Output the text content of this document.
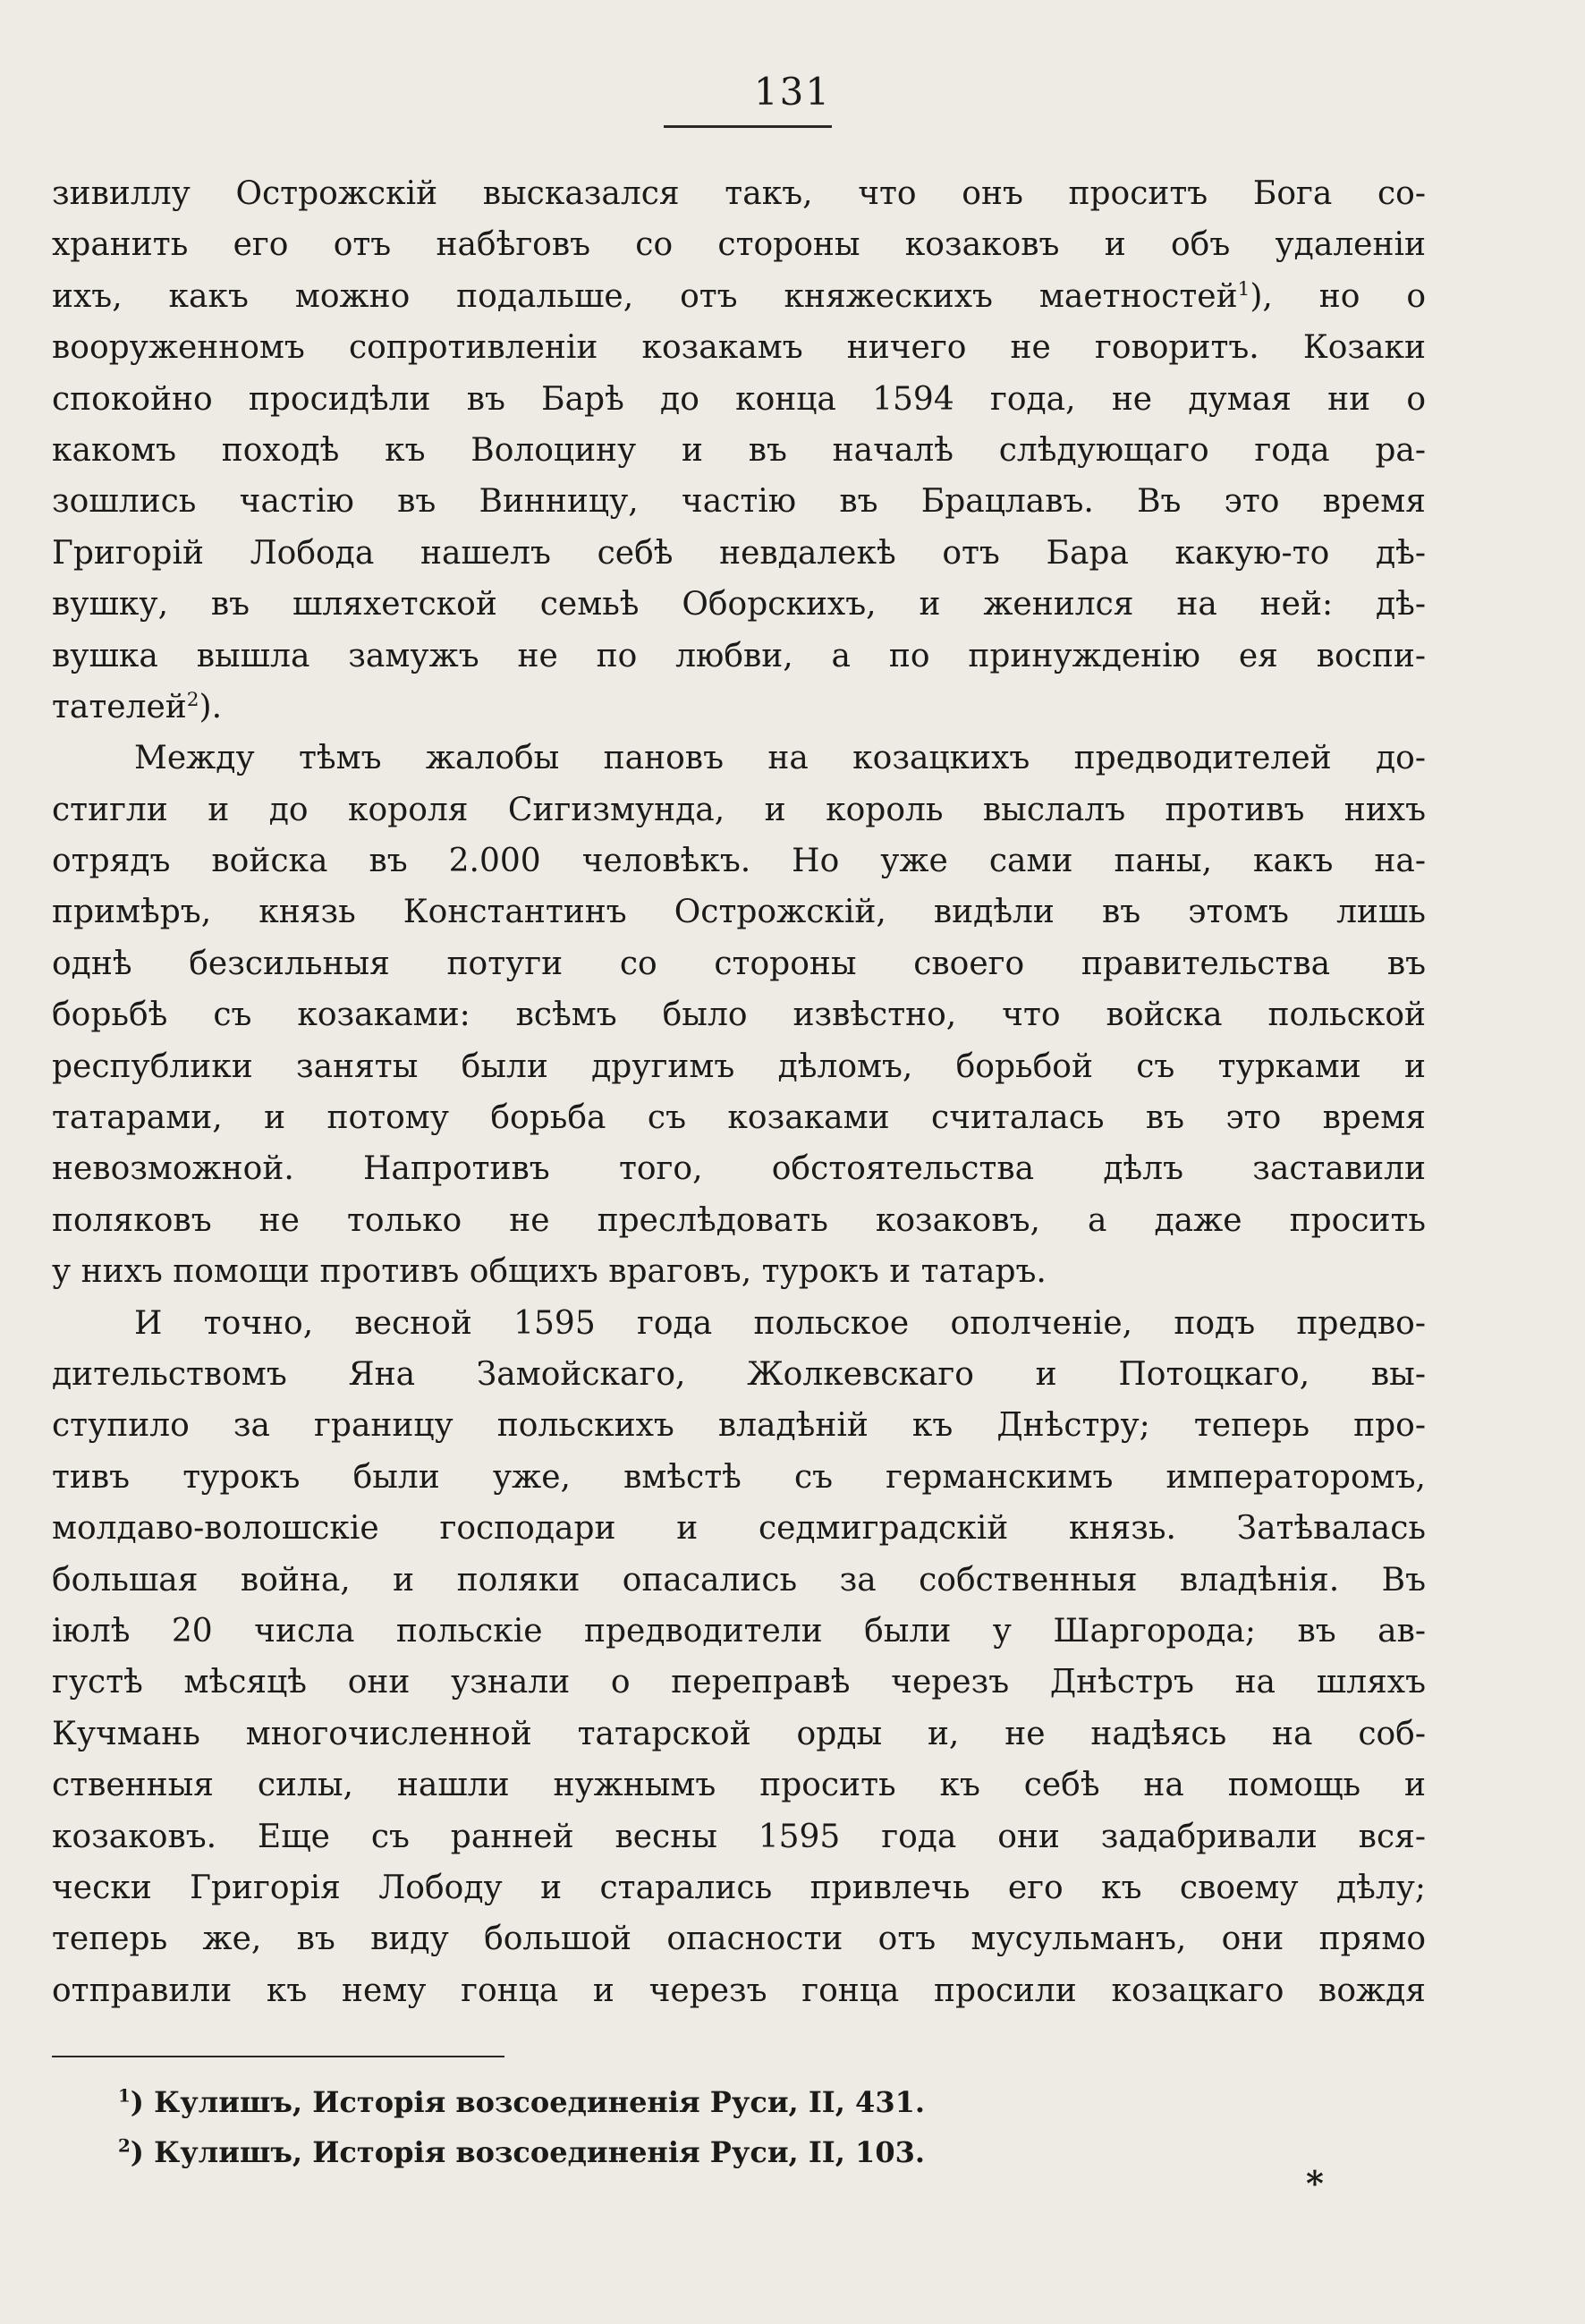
131
зивиллу Острожскій высказался такъ, что онъ проситъ Бога со-
хранить его отъ набѣговъ со стороны козаковъ и объ удаленіи
ихъ, какъ можно подальше, отъ княжескихъ маетностей$^1$), но о
вооруженномъ сопротивленіи козакамъ ничего не говоритъ. Козаки
спокойно просидѣли въ Барѣ до конца 1594 года, не думая ни о
какомъ походѣ къ Волоцину и въ началѣ слѣдующаго года ра-
зошлись частію въ Винницу, частію въ Брацлавъ. Въ это время
Григорій Лобода нашелъ себѣ невдалекѣ отъ Бара какую-то дѣ-
вушку, въ шляхетской семьѣ Оборскихъ, и женился на ней: дѣ-
вушка вышла замужъ не по любви, а по принужденію ея воспи-
тателей$^2$).
Между тѣмъ жалобы пановъ на козацкихъ предводителей до-
стигли и до короля Сигизмунда, и король выслалъ противъ нихъ
отрядъ войска въ 2.000 человѣкъ. Но уже сами паны, какъ на-
примѣръ, князь Константинъ Острожскій, видѣли въ этомъ лишь
однѣ безсильныя потуги со стороны своего правительства въ
борьбѣ съ козаками: всѣмъ было извѣстно, что войска польской
республики заняты были другимъ дѣломъ, борьбой съ турками и
татарами, и потому борьба съ козаками считалась въ это время
невозможной. Напротивъ того, обстоятельства дѣлъ заставили
поляковъ не только не преслѣдовать козаковъ, а даже просить
у нихъ помощи противъ общихъ враговъ, турокъ и татаръ.
И точно, весной 1595 года польское ополченіе, подъ предво-
дительствомъ Яна Замойскаго, Жолкевскаго и Потоцкаго, вы-
ступило за границу польскихъ владѣній къ Днѣстру; теперь про-
тивъ турокъ были уже, вмѣстѣ съ германскимъ императоромъ,
молдаво-волошскіе господари и седмиградскій князь. Затѣвалась
большая война, и поляки опасались за собственныя владѣнія. Въ
іюлѣ 20 числа польскіе предводители были у Шаргорода; въ ав-
густѣ мѣсяцѣ они узнали о переправѣ черезъ Днѣстръ на шляхъ
Кучмань многочисленной татарской орды и, не надѣясь на соб-
ственныя силы, нашли нужнымъ просить къ себѣ на помощь и
козаковъ. Еще съ ранней весны 1595 года они задабривали вся-
чески Григорія Лободу и старались привлечь его къ своему дѣлу;
теперь же, въ виду большой опасности отъ мусульманъ, они прямо
отправили къ нему гонца и черезъ гонца просили козацкаго вождя
$^1$) Кулишъ, Исторія возсоединенія Руси, II, 431.
$^2$) Кулишъ, Исторія возсоединенія Руси, II, 103.
*
